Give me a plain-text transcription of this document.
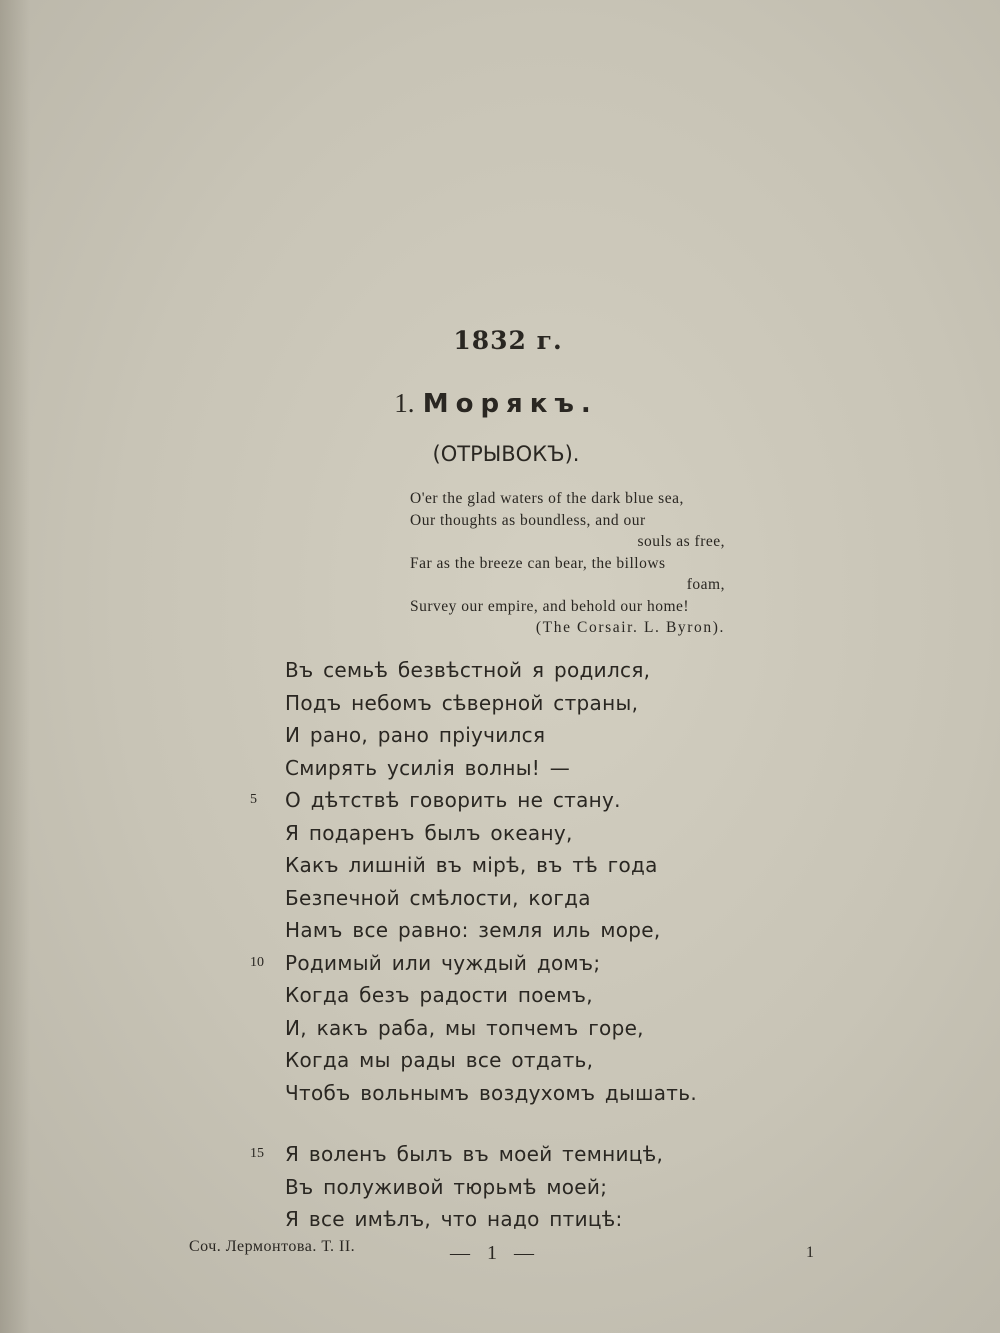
1832 г.
1. Морякъ.
(ОТРЫВОКЪ).
O'er the glad waters of the dark blue sea,
Our thoughts as boundless, and our
souls as free,
Far as the breeze can bear, the billows
foam,
Survey our empire, and behold our home!
(The Corsair. L. Byron).
Въ семьѣ безвѣстной я родился,
Подъ небомъ сѣверной страны,
И рано, рано пріучился
Смирять усилія волны! —
5 О дѣтствѣ говорить не стану.
Я подаренъ былъ океану,
Какъ лишній въ мірѣ, въ тѣ года
Безпечной смѣлости, когда
Намъ все равно: земля иль море,
10 Родимый или чуждый домъ;
Когда безъ радости поемъ,
И, какъ раба, мы топчемъ горе,
Когда мы рады все отдать,
Чтобъ вольнымъ воздухомъ дышать.
15 Я воленъ былъ въ моей темницѣ,
Въ полуживой тюрьмѣ моей;
Я все имѣлъ, что надо птицѣ:
Соч. Лермонтова. Т. II.	— 1 —	1
